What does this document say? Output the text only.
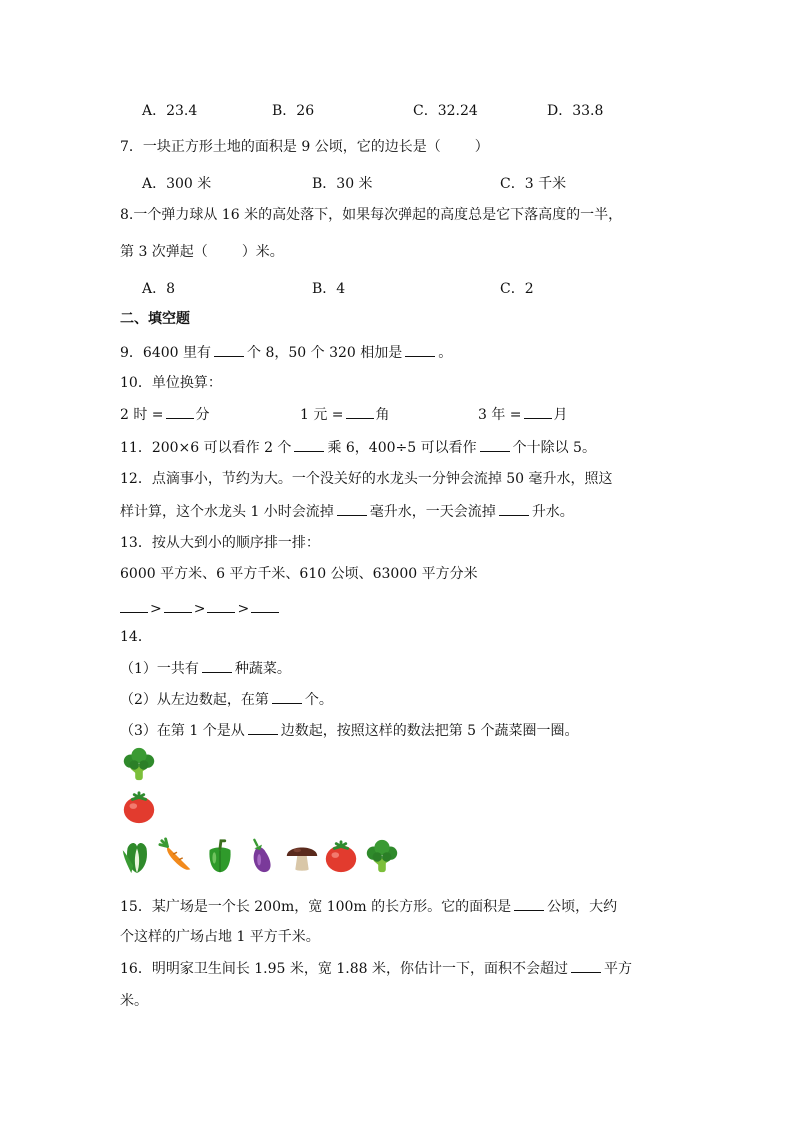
A．23.4	B．26	C．32.24	D．33.8
7．一块正方形土地的面积是 9 公顷，它的边长是（ ）
A．300 米	B．30 米	C．3 千米
8.一个弹力球从 16 米的高处落下，如果每次弹起的高度总是它下落高度的一半，
第 3 次弹起（ ）米。
A．8	B．4	C．2
二、填空题
9．6400 里有	个 8，50 个 320 相加是	。
10．单位换算：
2 时 = 分	1 元 = 角	3 年 = 月
11．200×6 可以看作 2 个	乘 6，400÷5 可以看作	个十除以 5。
12．点滴事小，节约为大。一个没关好的水龙头一分钟会流掉 50 毫升水，照这
样计算，这个水龙头 1 小时会流掉	毫升水，一天会流掉	升水。
13．按从大到小的顺序排一排：
6000 平方米、6 平方千米、610 公顷、63000 平方分米
> > >
14．
（1）一共有	种蔬菜。
（2）从左边数起，在第	个。
（3）在第 1 个是从	边数起，按照这样的数法把第 5 个蔬菜圈一圈。
15．某广场是一个长 200m，宽 100m 的长方形。它的面积是	公顷，大约
个这样的广场占地 1 平方千米。
16．明明家卫生间长 1.95 米，宽 1.88 米，你估计一下，面积不会超过	平方
米。
